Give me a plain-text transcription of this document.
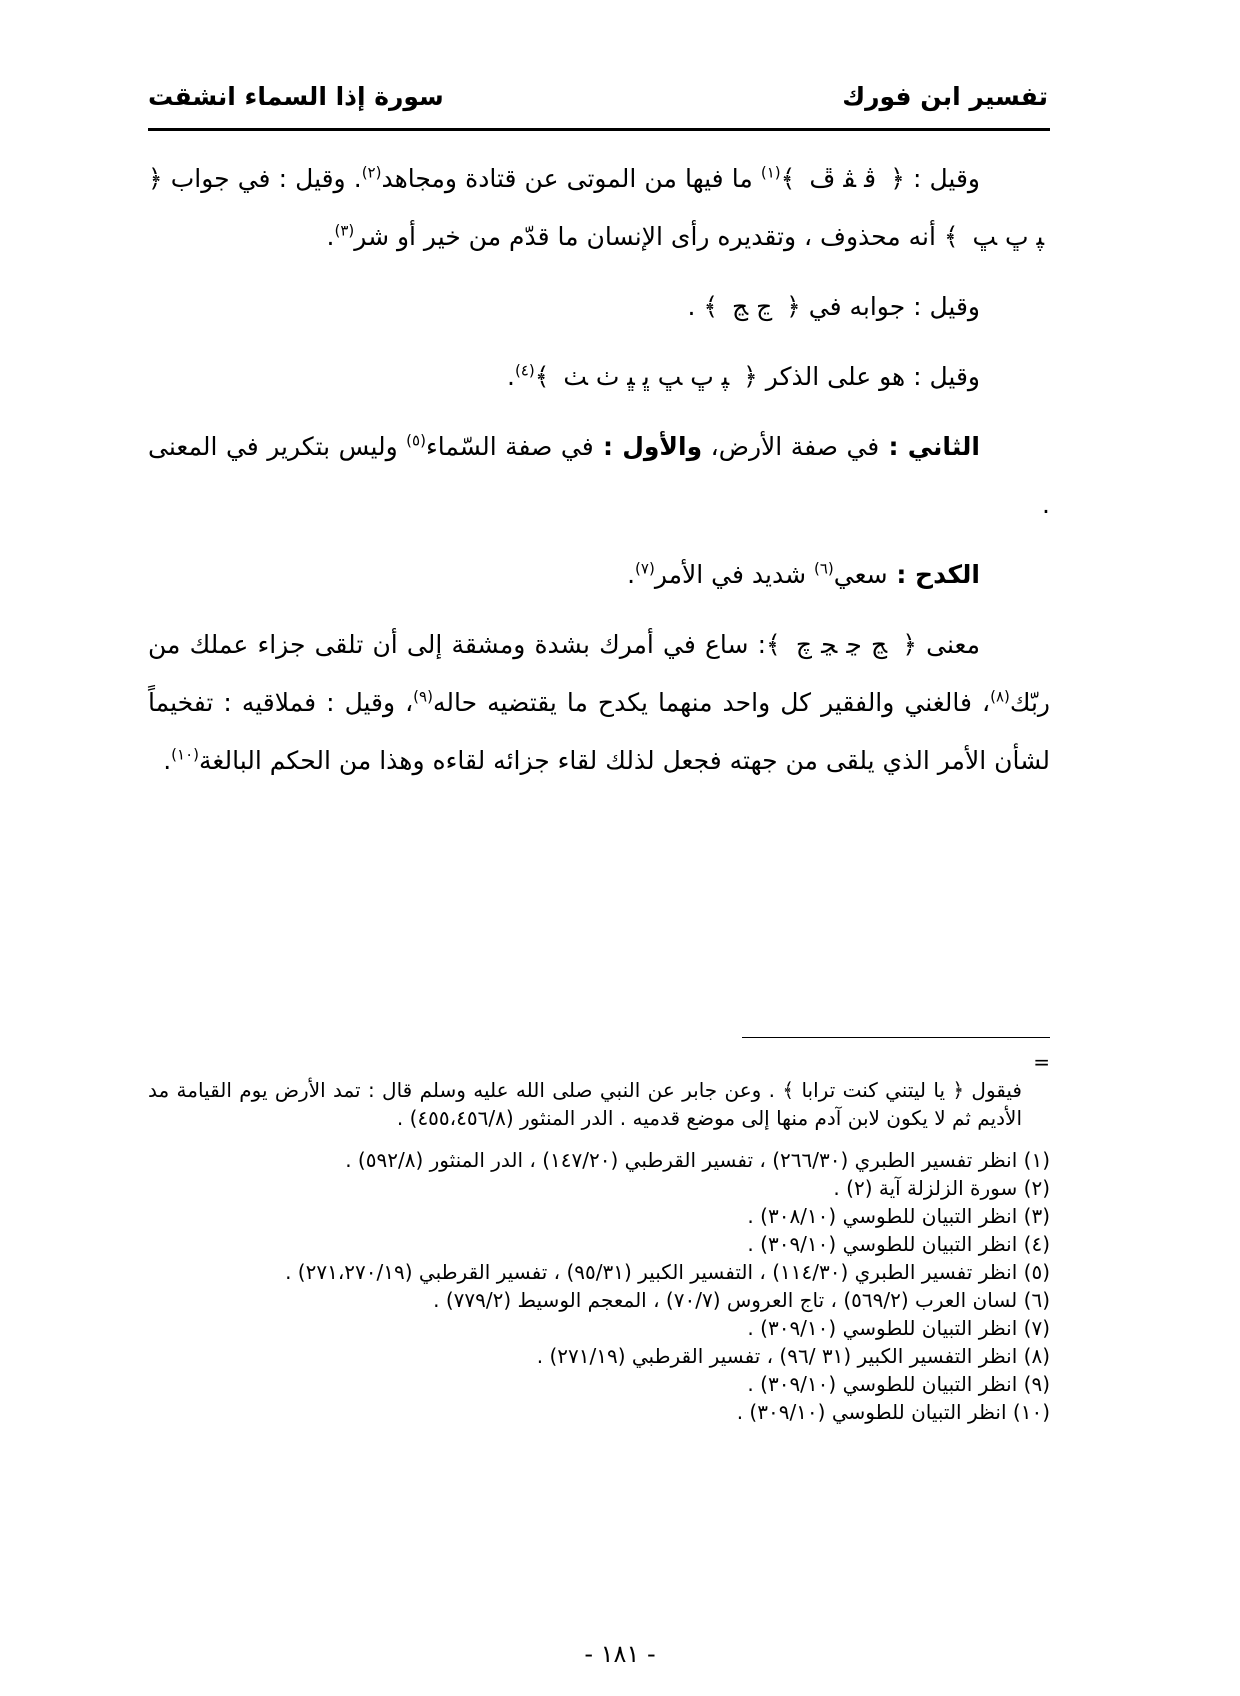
تفسير ابن فورك
سورة إذا السماء انشقت

وقيل : ﴿ ﭬ ﭭ ﭮ ﴾$^{(١)}$ ما فيها من الموتى عن قتادة ومجاهد$^{(٢)}$. وقيل : في جواب ﴿ ﭙ ﭚ ﭛ ﴾ أنه محذوف ، وتقديره رأى الإنسان ما قدّم من خير أو شر$^{(٣)}$.

وقيل : جوابه في ﴿ ﭶ ﭷ ﴾ .

وقيل : هو على الذكر ﴿ ﭙ ﭚ ﭛ ﭜ ﭝ ﭞ ﭟ ﴾$^{(٤)}$.

الثاني : في صفة الأرض، والأول : في صفة السّماء$^{(٥)}$ وليس بتكرير في المعنى .

الكدح : سعي$^{(٦)}$ شديد في الأمر$^{(٧)}$.

معنى ﴿ ﭷ ﭸ ﭹ ﭺ ﴾: ساع في أمرك بشدة ومشقة إلى أن تلقى جزاء عملك من ربّك$^{(٨)}$، فالغني والفقير كل واحد منهما يكدح ما يقتضيه حاله$^{(٩)}$، وقيل : فملاقيه : تفخيماً لشأن الأمر الذي يلقى من جهته فجعل لذلك لقاء جزائه لقاءه وهذا من الحكم البالغة$^{(١٠)}$.

=

فيقول ﴿ يا ليتني كنت ترابا ﴾ . وعن جابر عن النبي صلى الله عليه وسلم قال : تمد الأرض يوم القيامة مد الأديم ثم لا يكون لابن آدم منها إلى موضع قدميه . الدر المنثور (٤٥٥،٤٥٦/٨) .

(١) انظر تفسير الطبري (٢٦٦/٣٠) ، تفسير القرطبي (١٤٧/٢٠) ، الدر المنثور (٥٩٢/٨) .
(٢) سورة الزلزلة آية (٢) .
(٣) انظر التبيان للطوسي (٣٠٨/١٠) .
(٤) انظر التبيان للطوسي (٣٠٩/١٠) .
(٥) انظر تفسير الطبري (١١٤/٣٠) ، التفسير الكبير (٩٥/٣١) ، تفسير القرطبي (٢٧١،٢٧٠/١٩) .
(٦) لسان العرب (٥٦٩/٢) ، تاج العروس (٧٠/٧) ، المعجم الوسيط (٧٧٩/٢) .
(٧) انظر التبيان للطوسي (٣٠٩/١٠) .
(٨) انظر التفسير الكبير (٣١ /٩٦) ، تفسير القرطبي (٢٧١/١٩) .
(٩) انظر التبيان للطوسي (٣٠٩/١٠) .
(١٠) انظر التبيان للطوسي (٣٠٩/١٠) .
- ١٨١ -
